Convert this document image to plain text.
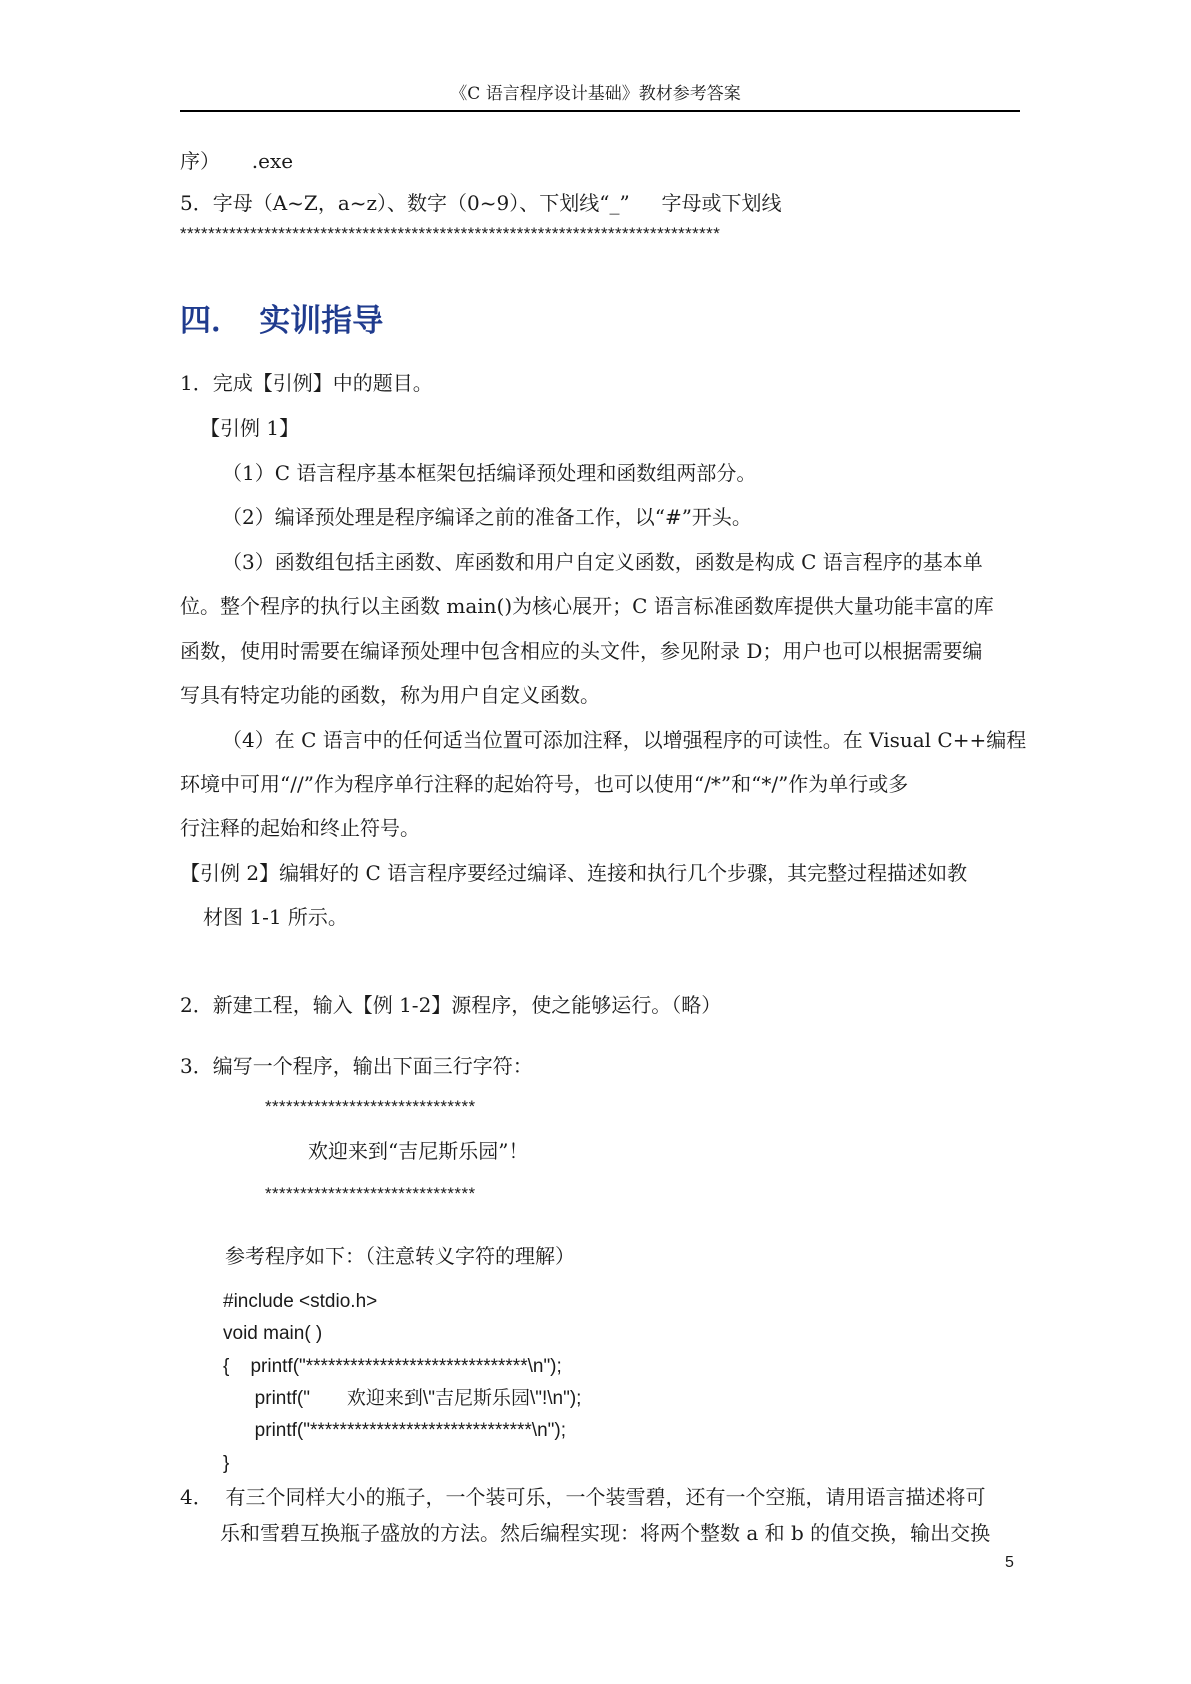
《C 语言程序设计基础》教材参考答案
序）     .exe
5．字母（A~Z，a~z）、数字（0~9）、下划线“_”     字母或下划线
*****************************************************************************
四．  实训指导
1．完成【引例】中的题目。
【引例 1】
（1）C 语言程序基本框架包括编译预处理和函数组两部分。
（2）编译预处理是程序编译之前的准备工作，以“#”开头。
（3）函数组包括主函数、库函数和用户自定义函数，函数是构成 C 语言程序的基本单
位。整个程序的执行以主函数 main()为核心展开；C 语言标准函数库提供大量功能丰富的库
函数，使用时需要在编译预处理中包含相应的头文件，参见附录 D；用户也可以根据需要编
写具有特定功能的函数，称为用户自定义函数。
（4）在 C 语言中的任何适当位置可添加注释，以增强程序的可读性。在 Visual C++编程
环境中可用“//”作为程序单行注释的起始符号，也可以使用“/*”和“*/”作为单行或多
行注释的起始和终止符号。
【引例 2】编辑好的 C 语言程序要经过编译、连接和执行几个步骤，其完整过程描述如教
材图 1-1 所示。
2．新建工程，输入【例 1-2】源程序，使之能够运行。（略）
3．编写一个程序，输出下面三行字符：
******************************
欢迎来到“吉尼斯乐园”！
******************************
参考程序如下：（注意转义字符的理解）
#include <stdio.h>
void main( )
{    printf("******************************\n");
printf("       欢迎来到\"吉尼斯乐园\"!\n");
printf("******************************\n");
}
4．  有三个同样大小的瓶子，一个装可乐，一个装雪碧，还有一个空瓶，请用语言描述将可
乐和雪碧互换瓶子盛放的方法。然后编程实现：将两个整数 a 和 b 的值交换，输出交换
5
